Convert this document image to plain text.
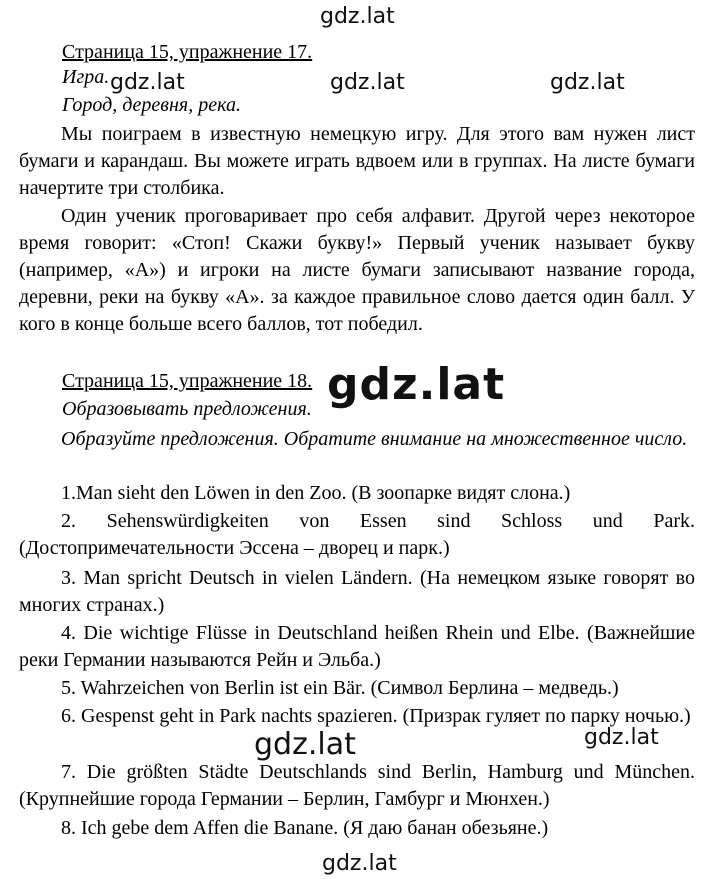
gdz.lat
gdz.lat	gdz.lat	gdz.lat
Страница 15, упражнение 17.
Игра.
Город, деревня, река.
Мы поиграем в известную немецкую игру. Для этого вам нужен лист бумаги и карандаш. Вы можете играть вдвоем или в группах. На листе бумаги начертите три столбика.
Один ученик проговаривает про себя алфавит. Другой через некоторое время говорит: «Стоп! Скажи букву!» Первый ученик называет букву (например, «А») и игроки на листе бумаги записывают название города, деревни, реки на букву «А». за каждое правильное слово дается один балл. У кого в конце больше всего баллов, тот победил.
Страница 15, упражнение 18. gdz.lat
Образовывать предложения.
Образуйте предложения. Обратите внимание на множественное число.
1.Man sieht den Löwen in den Zoo. (В зоопарке видят слона.)
2. Sehenswürdigkeiten von Essen sind Schloss und Park. (Достопримечательности Эссена – дворец и парк.)
3. Man spricht Deutsch in vielen Ländern. (На немецком языке говорят во многих странах.)
4. Die wichtige Flüsse in Deutschland heißen Rhein und Elbe. (Важнейшие реки Германии называются Рейн и Эльба.)
5. Wahrzeichen von Berlin ist ein Bär. (Символ Берлина – медведь.)
6. Gespenst geht in Park nachts spazieren. (Призрак гуляет по парку ночью.)
gdz.lat	gdz.lat
7. Die größten Städte Deutschlands sind Berlin, Hamburg und München. (Крупнейшие города Германии – Берлин, Гамбург и Мюнхен.)
8. Ich gebe dem Affen die Banane. (Я даю банан обезьяне.)
gdz.lat
